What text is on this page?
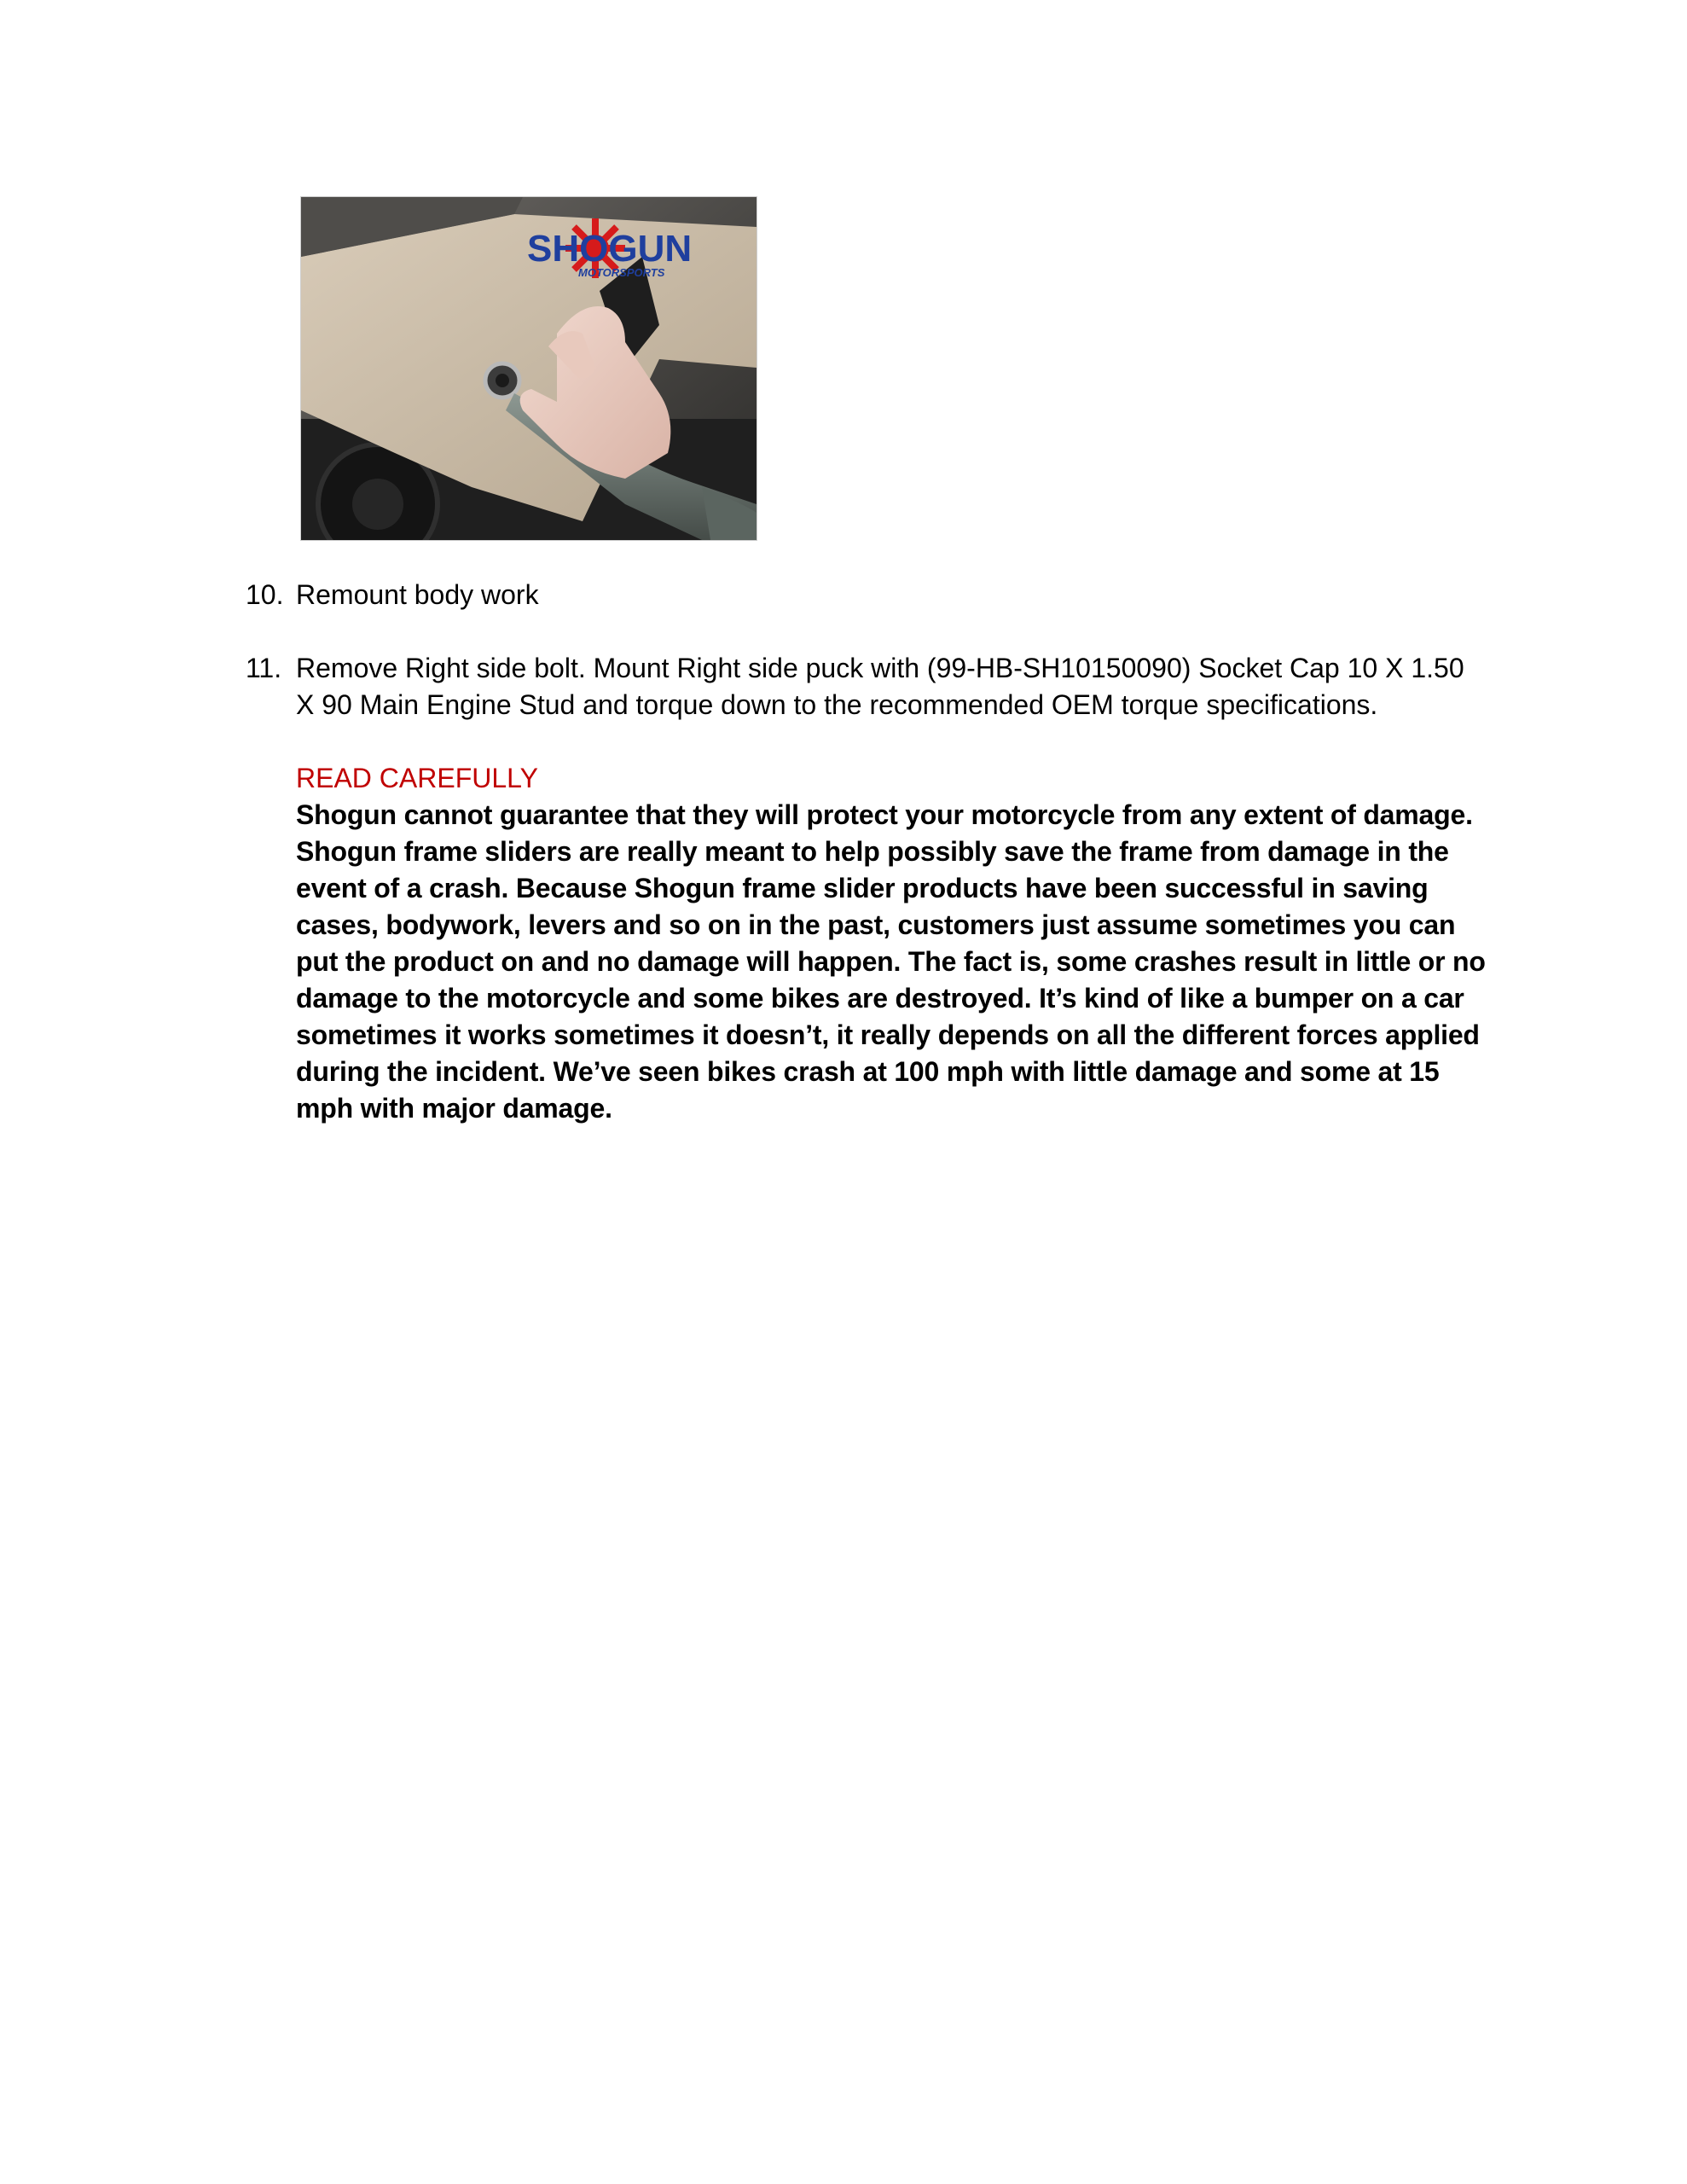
SHOGUN
MOTORSPORTS
10. Remount body work
11. Remove Right side bolt. Mount Right side puck with (99-HB-SH10150090) Socket Cap 10 X 1.50 X 90 Main Engine Stud and torque down to the recommended OEM torque specifications.

READ CAREFULLY

Shogun cannot guarantee that they will protect your motorcycle from any extent of damage. Shogun frame sliders are really meant to help possibly save the frame from damage in the event of a crash. Because Shogun frame slider products have been successful in saving cases, bodywork, levers and so on in the past, customers just assume sometimes you can put the product on and no damage will happen. The fact is, some crashes result in little or no damage to the motorcycle and some bikes are destroyed. It’s kind of like a bumper on a car sometimes it works sometimes it doesn’t, it really depends on all the different forces applied during the incident. We’ve seen bikes crash at 100 mph with little damage and some at 15 mph with major damage.
